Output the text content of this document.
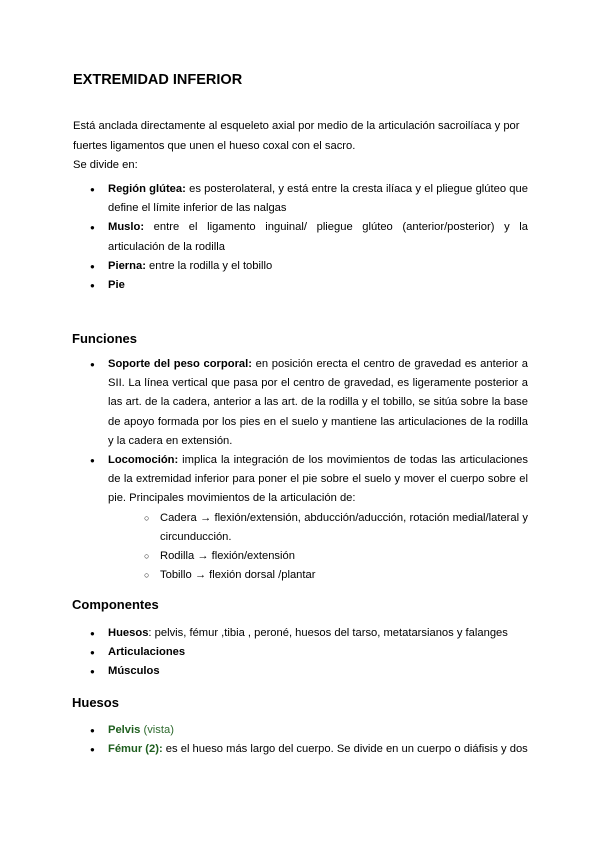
EXTREMIDAD INFERIOR

Está anclada directamente al esqueleto axial por medio de la articulación sacroilíaca y por fuertes ligamentos que unen el hueso coxal con el sacro.
Se divide en:

● Región glútea: es posterolateral, y está entre la cresta ilíaca y el pliegue glúteo que define el límite inferior de las nalgas
● Muslo: entre el ligamento inguinal/ pliegue glúteo (anterior/posterior) y la articulación de la rodilla
● Pierna: entre la rodilla y el tobillo
● Pie
Funciones
● Soporte del peso corporal: en posición erecta el centro de gravedad es anterior a SII. La línea vertical que pasa por el centro de gravedad, es ligeramente posterior a las art. de la cadera, anterior a las art. de la rodilla y el tobillo, se sitúa sobre la base de apoyo formada por los pies en el suelo y mantiene las articulaciones de la rodilla y la cadera en extensión.
● Locomoción: implica la integración de los movimientos de todas las articulaciones de la extremidad inferior para poner el pie sobre el suelo y mover el cuerpo sobre el pie. Principales movimientos de la articulación de:
○ Cadera → flexión/extensión, abducción/aducción, rotación medial/lateral y circunducción.
○ Rodilla → flexión/extensión
○ Tobillo → flexión dorsal /plantar
Componentes
● Huesos: pelvis, fémur ,tibia , peroné, huesos del tarso, metatarsianos y falanges
● Articulaciones
● Músculos
Huesos
● Pelvis (vista)
● Fémur (2): es el hueso más largo del cuerpo. Se divide en un cuerpo o diáfisis y dos
